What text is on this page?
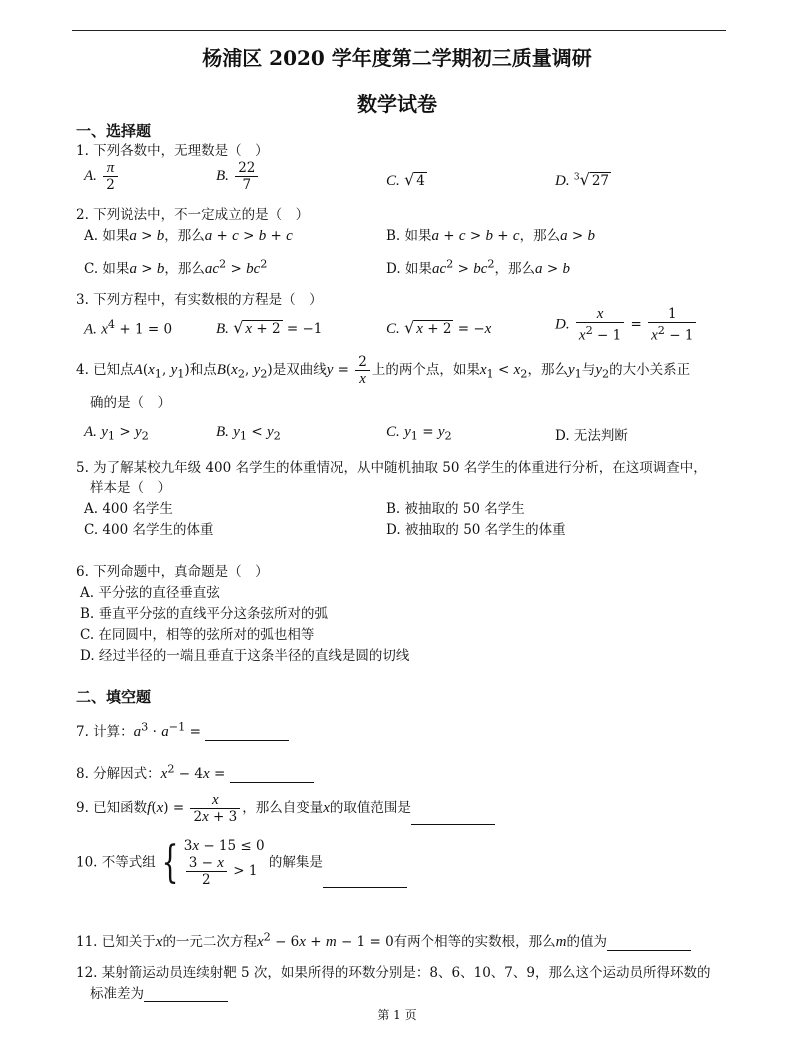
杨浦区 2020 学年度第二学期初三质量调研
数学试卷
一、选择题
1. 下列各数中，无理数是（　）
A. $\frac{\pi}{2}$	B. $\frac{22}{7}$	C. √ 4	D. $^3$√ 27
2. 下列说法中，不一定成立的是（　）
A. 如果a > b，那么a + c > b + c	B. 如果a + c > b + c，那么a > b
C. 如果a > b，那么$ac^2 > bc^2$	D. 如果$ac^2 > bc^2$，那么a > b
3. 下列方程中，有实数根的方程是（　）
A. $x^4 + 1 = 0$	B. √ x + 2 = −1	C. √ x + 2 = −x	D. $\frac{x}{x^2 - 1} = \frac{1}{x^2 - 1}$
4. 已知点$A(x_1$, $y_1$)和点$B(x_2$, $y_2$)是双曲线$y = \frac{2}{x}$ 上的两个点，如果$x_1 < x_2$，那么$y_1$与$y_2$的大小关系正
确的是（　）
A. $y_1 > y_2$	B. $y_1 < y_2$	C. $y_1 = y_2$	D. 无法判断
5. 为了解某校九年级 400 名学生的体重情况，从中随机抽取 50 名学生的体重进行分析，在这项调查中，
样本是（　）
A. 400 名学生	B. 被抽取的 50 名学生
C. 400 名学生的体重	D. 被抽取的 50 名学生的体重
6. 下列命题中，真命题是（　）
A. 平分弦的直径垂直弦
B. 垂直平分弦的直线平分这条弦所对的弧
C. 在同圆中，相等的弦所对的弧也相等
D. 经过半径的一端且垂直于这条半径的直线是圆的切线
二、填空题
7. 计算：$a^3 \cdot a^{-1}$ =
8. 分解因式：$x^2 - 4x$ =
9. 已知函数$f(x) = \frac{x}{2x + 3}$ ，那么自变量x的取值范围是
10. 不等式组 { 3x − 15 ≤ 0
$\frac{3 - x}{2} > 1$
的解集是
11. 已知关于x的一元二次方程$x^2 - 6x + m - 1 = 0$有两个相等的实数根，那么m的值为
12. 某射箭运动员连续射靶 5 次，如果所得的环数分别是：8、6、10、7、9，那么这个运动员所得环数的
标准差为
第 1 页
